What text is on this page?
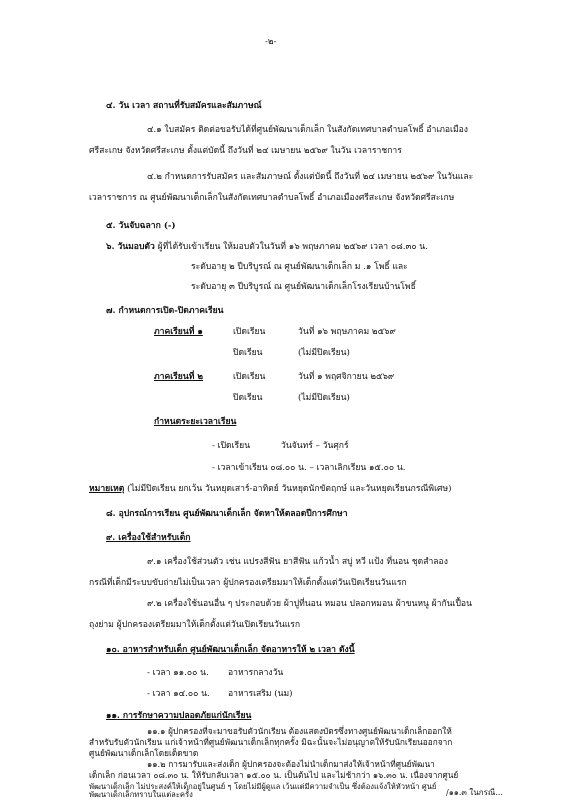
-๒-
๔. วัน เวลา สถานที่รับสมัครและสัมภาษณ์
๔.๑ ใบสมัคร ติดต่อขอรับได้ที่ศูนย์พัฒนาเด็กเล็ก ในสังกัดเทศบาลตำบลโพธิ์ อำเภอเมือง
ศรีสะเกษ จังหวัดศรีสะเกษ ตั้งแต่บัดนี้ ถึงวันที่ ๒๔ เมษายน ๒๕๖๙ ในวัน เวลาราชการ
๔.๒ กำหนดการรับสมัคร และสัมภาษณ์ ตั้งแต่บัดนี้ ถึงวันที่ ๒๔ เมษายน ๒๕๖๙ ในวันและ
เวลาราชการ ณ ศูนย์พัฒนาเด็กเล็กในสังกัดเทศบาลตำบลโพธิ์ อำเภอเมืองศรีสะเกษ จังหวัดศรีสะเกษ
๕. วันจับฉลาก (-)
๖. วันมอบตัว ผู้ที่ได้รับเข้าเรียน ให้มอบตัวในวันที่ ๑๖ พฤษภาคม ๒๕๖๙ เวลา ๐๘.๓๐ น.
ระดับอายุ ๒ ปีบริบูรณ์ ณ ศูนย์พัฒนาเด็กเล็ก ม .๑ โพธิ์ และ
ระดับอายุ ๓ ปีบริบูรณ์ ณ ศูนย์พัฒนาเด็กเล็กโรงเรียนบ้านโพธิ์
๗. กำหนดการเปิด-ปิดภาคเรียน
ภาคเรียนที่ ๑	เปิดเรียน	วันที่ ๑๖ พฤษภาคม ๒๕๖๙
ปิดเรียน	(ไม่มีปิดเรียน)
ภาคเรียนที่ ๒	เปิดเรียน	วันที่ ๑ พฤศจิกายน ๒๕๖๙
ปิดเรียน	(ไม่มีปิดเรียน)
กำหนดระยะเวลาเรียน
- เปิดเรียน	วันจันทร์ – วันศุกร์
- เวลาเข้าเรียน ๐๘.๐๐ น. – เวลาเลิกเรียน ๑๕.๐๐ น.
หมายเหตุ (ไม่มีปิดเรียน ยกเว้น วันหยุดเสาร์-อาทิตย์ วันหยุดนักขัตฤกษ์ และวันหยุดเรียนกรณีพิเศษ)
๘. อุปกรณ์การเรียน ศูนย์พัฒนาเด็กเล็ก จัดหาให้ตลอดปีการศึกษา
๙. เครื่องใช้สำหรับเด็ก
๙.๑ เครื่องใช้ส่วนตัว เช่น แปรงสีฟัน ยาสีฟัน แก้วน้ำ สบู่ หวี แป้ง ที่นอน ชุดสำลอง
กรณีที่เด็กมีระบบขับถ่ายไม่เป็นเวลา ผู้ปกครองเตรียมมาให้เด็กตั้งแต่วันเปิดเรียนวันแรก
๙.๒ เครื่องใช้นอนอื่น ๆ ประกอบด้วย ผ้าปูที่นอน หมอน ปลอกหมอน ผ้าขนหนู ผ้ากันเปื้อน
ถุงย่าม ผู้ปกครองเตรียมมาให้เด็กตั้งแต่วันเปิดเรียนวันแรก
๑๐. อาหารสำหรับเด็ก ศูนย์พัฒนาเด็กเล็ก จัดอาหารให้ ๒ เวลา ดังนี้
- เวลา ๑๑.๐๐ น. อาหารกลางวัน
- เวลา ๑๔.๐๐ น. อาหารเสริม (นม)
๑๑. การรักษาความปลอดภัยแก่นักเรียน
๑๑.๑ ผู้ปกครองที่จะมาขอรับตัวนักเรียน ต้องแสดงบัตรซึ่งทางศูนย์พัฒนาเด็กเล็กออกให้
สำหรับรับตัวนักเรียน แก่เจ้าหน้าที่ศูนย์พัฒนาเด็กเล็กทุกครั้ง มิฉะนั้นจะไม่อนุญาตให้รับนักเรียนออกจาก
ศูนย์พัฒนาเด็กเล็กโดยเด็ดขาด
๑๑.๒ การมารับและส่งเด็ก ผู้ปกครองจะต้องไม่นำเด็กมาส่งให้เจ้าหน้าที่ศูนย์พัฒนา
เด็กเล็ก ก่อนเวลา ๐๘.๓๐ น. ให้รับกลับเวลา ๑๕.๐๐ น. เป็นต้นไป และไม่ช้ากว่า ๑๖.๓๐ น. เนื่องจากศูนย์
พัฒนาเด็กเล็ก ไม่ประสงค์ให้เด็กอยู่ในศูนย์ ๆ โดยไม่มีผู้ดูแล เว้นแต่มีความจำเป็น ซึ่งต้องแจ้งให้หัวหน้า ศูนย์
พัฒนาเด็กเล็กทราบในแต่ละครั้ง	/๑๑.๓ ในกรณี...
